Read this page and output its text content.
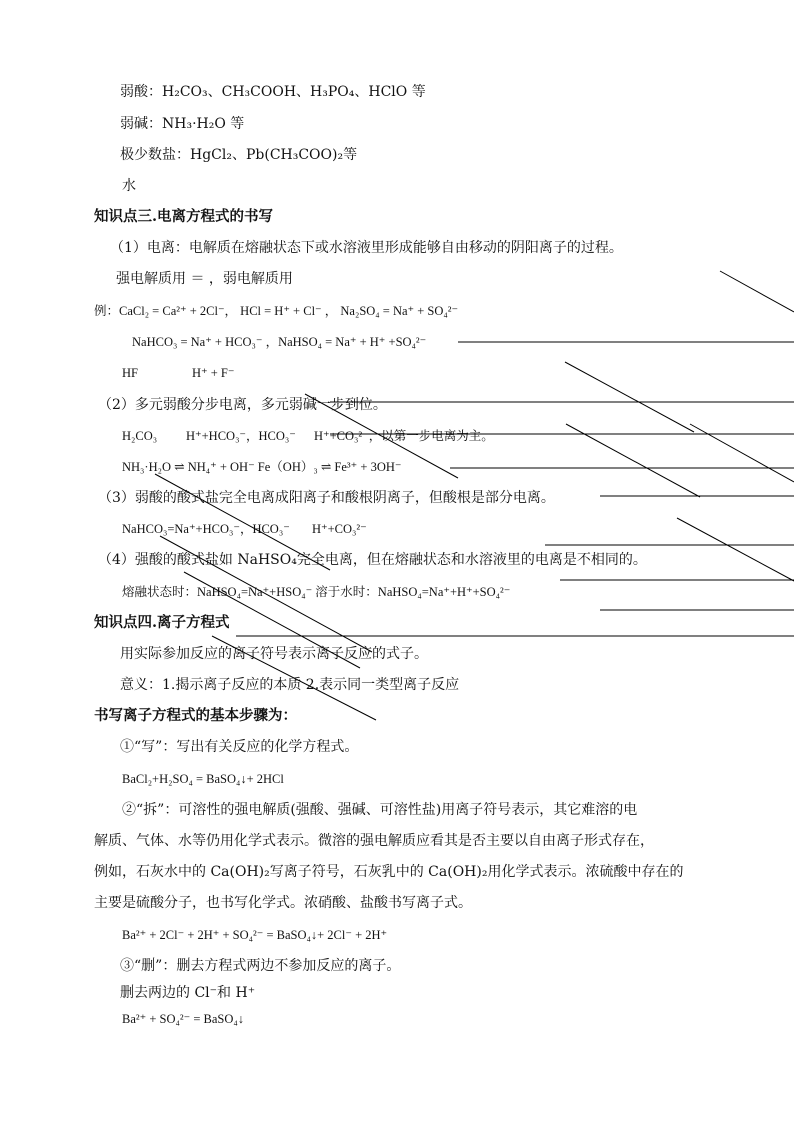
弱酸：H₂CO₃、CH₃COOH、H₃PO₄、HClO 等
弱碱：NH₃·H₂O 等
极少数盐：HgCl₂、Pb(CH₃COO)₂等
水
知识点三.电离方程式的书写
（1）电离：电解质在熔融状态下或水溶液里形成能够自由移动的阴阳离子的过程。
强电解质用 ＝ ，弱电解质用
例：CaCl₂ = Ca²⁺ + 2Cl⁻， HCl = H⁺ + Cl⁻ ， Na₂SO₄ = Na⁺ + SO₄²⁻
NaHCO₃ = Na⁺ + HCO₃⁻ ，NaHSO₄ = Na⁺ + H⁺ +SO₄²⁻
HF	H⁺ + F⁻
（2）多元弱酸分步电离，多元弱碱一步到位。
H₂CO₃ H⁺+HCO₃⁻，HCO₃⁻ H⁺+CO₃²⁻，以第一步电离为主。
NH₃·H₂O ⇌ NH₄⁺ + OH⁻ Fe（OH）₃ ⇌ Fe³⁺ + 3OH⁻
（3）弱酸的酸式盐完全电离成阳离子和酸根阴离子，但酸根是部分电离。
NaHCO₃=Na⁺+HCO₃⁻，HCO₃⁻ H⁺+CO₃²⁻
（4）强酸的酸式盐如 NaHSO₄完全电离，但在熔融状态和水溶液里的电离是不相同的。
熔融状态时：NaHSO₄=Na⁺+HSO₄⁻ 溶于水时：NaHSO₄=Na⁺+H⁺+SO₄²⁻
知识点四.离子方程式
用实际参加反应的离子符号表示离子反应的式子。
意义：1.揭示离子反应的本质 2.表示同一类型离子反应
书写离子方程式的基本步骤为：
①“写”：写出有关反应的化学方程式。
BaCl₂+H₂SO₄ = BaSO₄↓+ 2HCl
②“拆”：可溶性的强电解质(强酸、强碱、可溶性盐)用离子符号表示，其它难溶的电
解质、气体、水等仍用化学式表示。微溶的强电解质应看其是否主要以自由离子形式存在，
例如，石灰水中的 Ca(OH)₂写离子符号，石灰乳中的 Ca(OH)₂用化学式表示。浓硫酸中存在的
主要是硫酸分子，也书写化学式。浓硝酸、盐酸书写离子式。
Ba²⁺ + 2Cl⁻ + 2H⁺ + SO₄²⁻ = BaSO₄↓+ 2Cl⁻ + 2H⁺
③“删”：删去方程式两边不参加反应的离子。
删去两边的 Cl⁻和 H⁺
Ba²⁺ + SO₄²⁻ = BaSO₄↓
